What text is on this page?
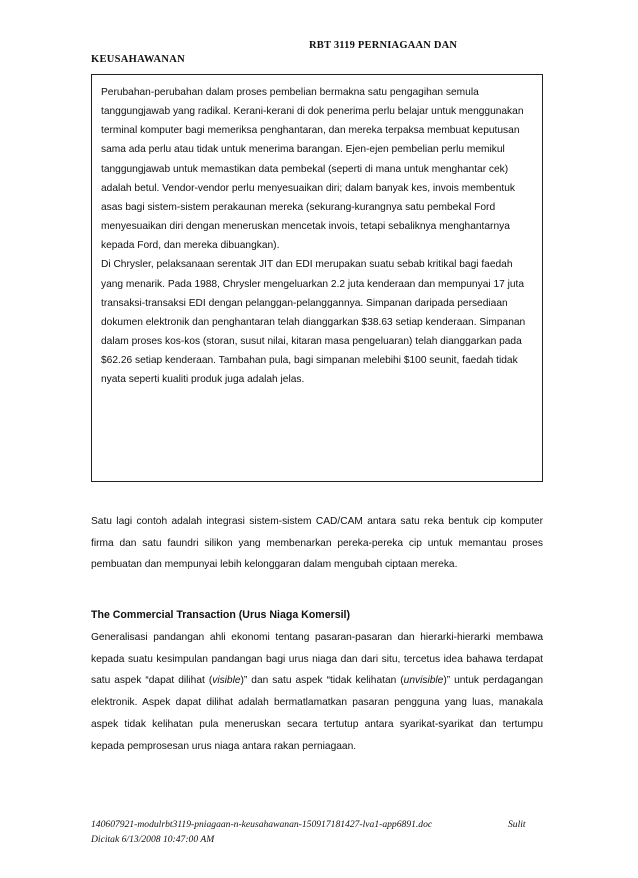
RBT 3119 PERNIAGAAN DAN
KEUSAHAWANAN

Perubahan-perubahan dalam proses pembelian bermakna satu pengagihan semula tanggungjawab yang radikal. Kerani-kerani di dok penerima perlu belajar untuk menggunakan terminal komputer bagi memeriksa penghantaran, dan mereka terpaksa membuat keputusan sama ada perlu atau tidak untuk menerima barangan. Ejen-ejen pembelian perlu memikul tanggungjawab untuk memastikan data pembekal (seperti di mana untuk menghantar cek) adalah betul. Vendor-vendor perlu menyesuaikan diri; dalam banyak kes, invois membentuk asas bagi sistem-sistem perakaunan mereka (sekurang-kurangnya satu pembekal Ford menyesuaikan diri dengan meneruskan mencetak invois, tetapi sebaliknya menghantarnya kepada Ford, dan mereka dibuangkan).

Di Chrysler, pelaksanaan serentak JIT dan EDI merupakan suatu sebab kritikal bagi faedah yang menarik. Pada 1988, Chrysler mengeluarkan 2.2 juta kenderaan dan mempunyai 17 juta transaksi-transaksi EDI dengan pelanggan-pelanggannya. Simpanan daripada persediaan dokumen elektronik dan penghantaran telah dianggarkan $38.63 setiap kenderaan. Simpanan dalam proses kos-kos (storan, susut nilai, kitaran masa pengeluaran) telah dianggarkan pada $62.26 setiap kenderaan. Tambahan pula, bagi simpanan melebihi $100 seunit, faedah tidak nyata seperti kualiti produk juga adalah jelas.

Satu lagi contoh adalah integrasi sistem-sistem CAD/CAM antara satu reka bentuk cip komputer firma dan satu faundri silikon yang membenarkan pereka-pereka cip untuk memantau proses pembuatan dan mempunyai lebih kelonggaran dalam mengubah ciptaan mereka.

The Commercial Transaction (Urus Niaga Komersil)

Generalisasi pandangan ahli ekonomi tentang pasaran-pasaran dan hierarki-hierarki membawa kepada suatu kesimpulan pandangan bagi urus niaga dan dari situ, tercetus idea bahawa terdapat satu aspek “dapat dilihat (visible)” dan satu aspek “tidak kelihatan (unvisible)” untuk perdagangan elektronik. Aspek dapat dilihat adalah bermatlamatkan pasaran pengguna yang luas, manakala aspek tidak kelihatan pula meneruskan secara tertutup antara syarikat-syarikat dan tertumpu kepada pemprosesan urus niaga antara rakan perniagaan.

140607921-modulrbt3119-pniagaan-n-keusahawanan-150917181427-lva1-app6891.doc	Sulit
Dicitak 6/13/2008 10:47:00 AM
